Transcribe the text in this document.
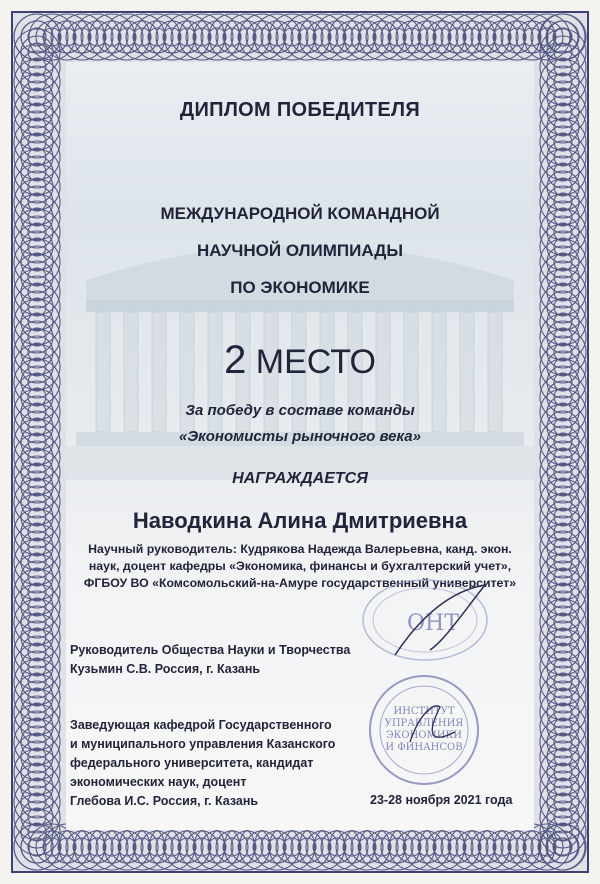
ДИПЛОМ ПОБЕДИТЕЛЯ

МЕЖДУНАРОДНОЙ КОМАНДНОЙ

НАУЧНОЙ ОЛИМПИАДЫ

ПО ЭКОНОМИКЕ

2 МЕСТО

За победу в составе команды

«Экономисты рыночного века»

НАГРАЖДАЕТСЯ

Наводкина Алина Дмитриевна

Научный руководитель: Кудрякова Надежда Валерьевна, канд. экон.

наук, доцент кафедры «Экономика, финансы и бухгалтерский учет»,

ФГБОУ ВО «Комсомольский-на-Амуре государственный университет»

ОНТ

Руководитель Общества Науки и Творчества

Кузьмин С.В. Россия, г. Казань

ИНСТИТУТ
УПРАВЛЕНИЯ
ЭКОНОМИКИ
И ФИНАНСОВ

Заведующая кафедрой Государственного

и муниципального управления Казанского

федерального университета, кандидат

экономических наук, доцент

Глебова И.С. Россия, г. Казань	23-28 ноября 2021 года
